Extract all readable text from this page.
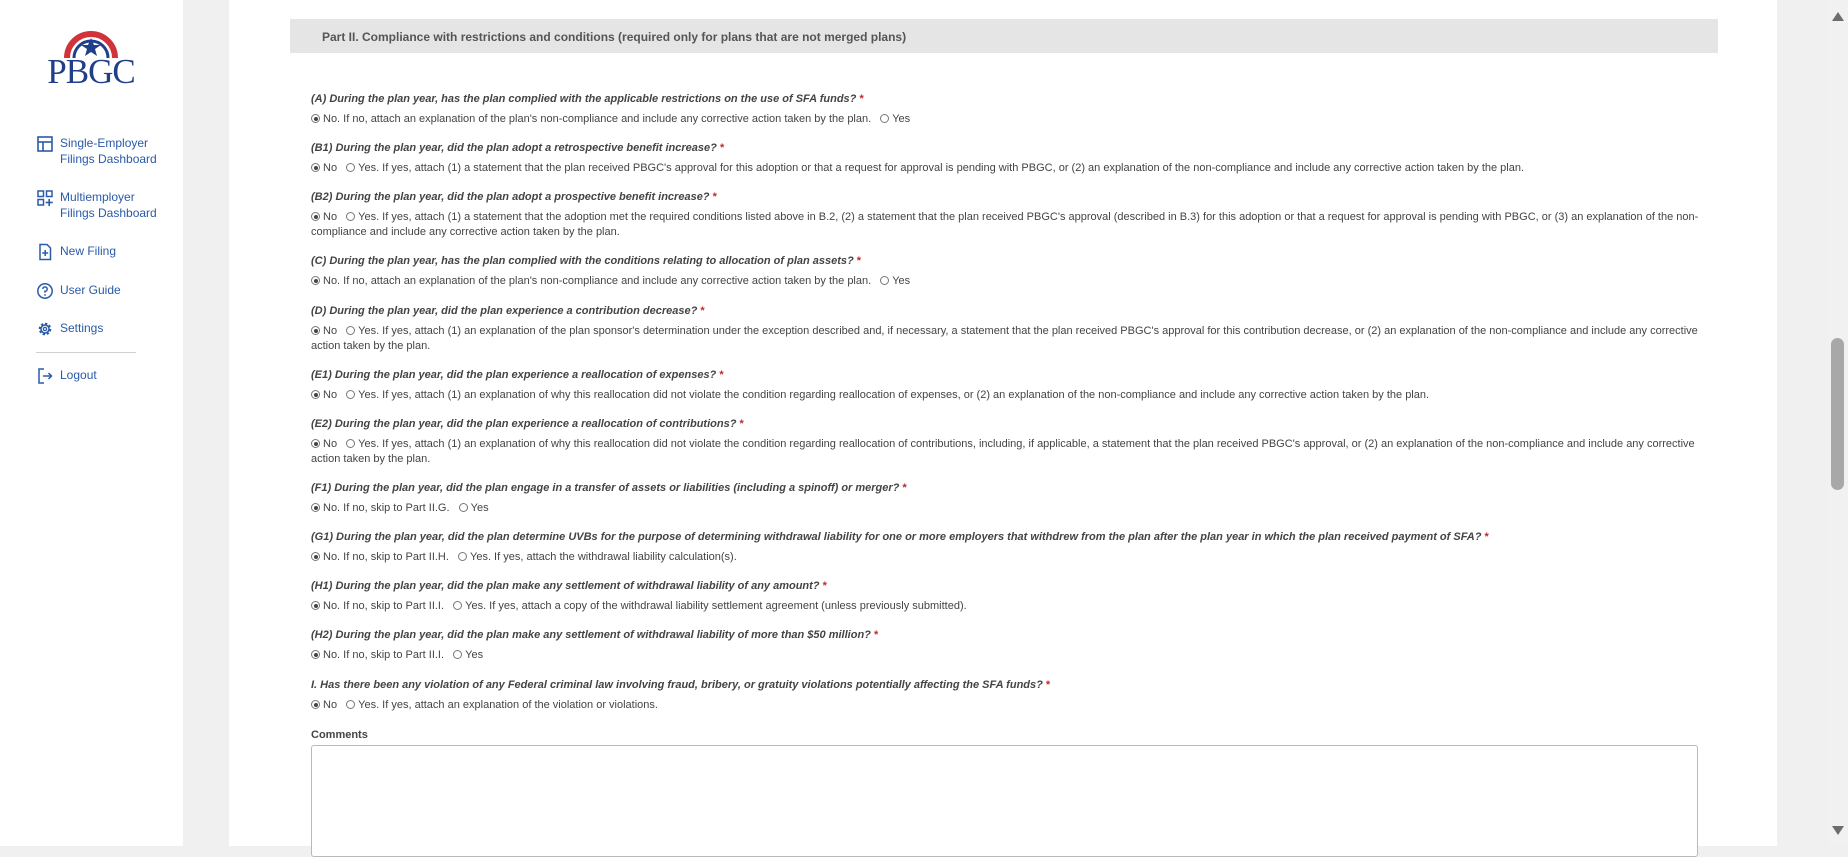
PBGC
Single-Employer Filings Dashboard
Multiemployer Filings Dashboard
New Filing
User Guide
Settings
Logout
Part II. Compliance with restrictions and conditions (required only for plans that are not merged plans)
(A) During the plan year, has the plan complied with the applicable restrictions on the use of SFA funds? *
No. If no, attach an explanation of the plan's non-compliance and include any corrective action taken by the plan. Yes
(B1) During the plan year, did the plan adopt a retrospective benefit increase? *
No Yes. If yes, attach (1) a statement that the plan received PBGC's approval for this adoption or that a request for approval is pending with PBGC, or (2) an explanation of the non-compliance and include any corrective action taken by the plan.
(B2) During the plan year, did the plan adopt a prospective benefit increase? *
No Yes. If yes, attach (1) a statement that the adoption met the required conditions listed above in B.2, (2) a statement that the plan received PBGC's approval (described in B.3) for this adoption or that a request for approval is pending with PBGC, or (3) an explanation of the non-compliance and include any corrective action taken by the plan.
(C) During the plan year, has the plan complied with the conditions relating to allocation of plan assets? *
No. If no, attach an explanation of the plan's non-compliance and include any corrective action taken by the plan. Yes
(D) During the plan year, did the plan experience a contribution decrease? *
No Yes. If yes, attach (1) an explanation of the plan sponsor's determination under the exception described and, if necessary, a statement that the plan received PBGC's approval for this contribution decrease, or (2) an explanation of the non-compliance and include any corrective action taken by the plan.
(E1) During the plan year, did the plan experience a reallocation of expenses? *
No Yes. If yes, attach (1) an explanation of why this reallocation did not violate the condition regarding reallocation of expenses, or (2) an explanation of the non-compliance and include any corrective action taken by the plan.
(E2) During the plan year, did the plan experience a reallocation of contributions? *
No Yes. If yes, attach (1) an explanation of why this reallocation did not violate the condition regarding reallocation of contributions, including, if applicable, a statement that the plan received PBGC's approval, or (2) an explanation of the non-compliance and include any corrective action taken by the plan.
(F1) During the plan year, did the plan engage in a transfer of assets or liabilities (including a spinoff) or merger? *
No. If no, skip to Part II.G. Yes
(G1) During the plan year, did the plan determine UVBs for the purpose of determining withdrawal liability for one or more employers that withdrew from the plan after the plan year in which the plan received payment of SFA? *
No. If no, skip to Part II.H. Yes. If yes, attach the withdrawal liability calculation(s).
(H1) During the plan year, did the plan make any settlement of withdrawal liability of any amount? *
No. If no, skip to Part II.I. Yes. If yes, attach a copy of the withdrawal liability settlement agreement (unless previously submitted).
(H2) During the plan year, did the plan make any settlement of withdrawal liability of more than $50 million? *
No. If no, skip to Part II.I. Yes
I. Has there been any violation of any Federal criminal law involving fraud, bribery, or gratuity violations potentially affecting the SFA funds? *
No Yes. If yes, attach an explanation of the violation or violations.
Comments
